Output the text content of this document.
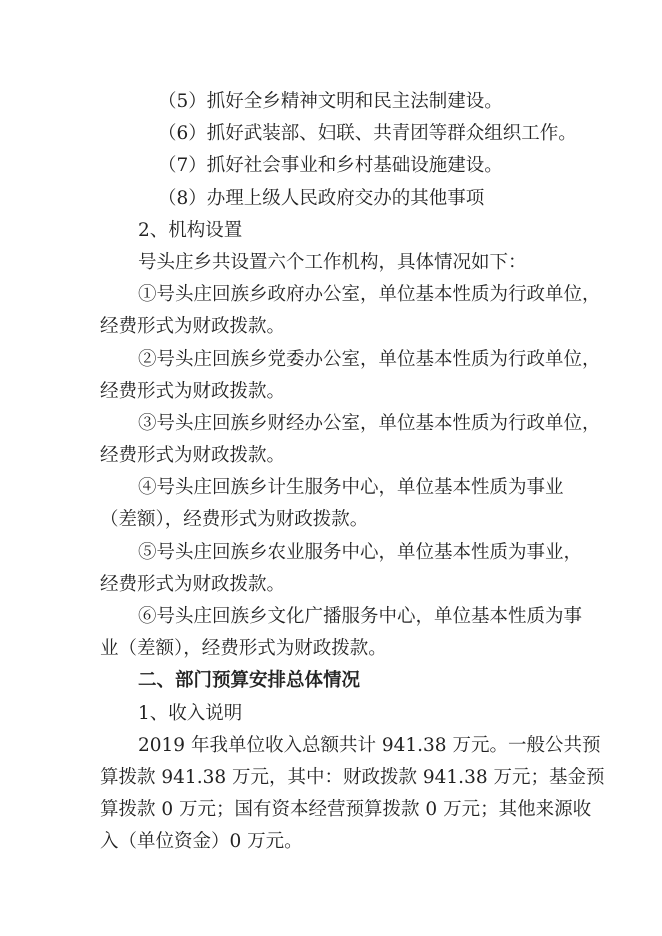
（5）抓好全乡精神文明和民主法制建设。
（6）抓好武装部、妇联、共青团等群众组织工作。
（7）抓好社会事业和乡村基础设施建设。
（8）办理上级人民政府交办的其他事项
2、机构设置
号头庄乡共设置六个工作机构，具体情况如下：
①号头庄回族乡政府办公室，单位基本性质为行政单位，
经费形式为财政拨款。
②号头庄回族乡党委办公室，单位基本性质为行政单位，
经费形式为财政拨款。
③号头庄回族乡财经办公室，单位基本性质为行政单位，
经费形式为财政拨款。
④号头庄回族乡计生服务中心，单位基本性质为事业
（差额），经费形式为财政拨款。
⑤号头庄回族乡农业服务中心，单位基本性质为事业，
经费形式为财政拨款。
⑥号头庄回族乡文化广播服务中心，单位基本性质为事
业（差额），经费形式为财政拨款。
二、部门预算安排总体情况
1、收入说明
2019 年我单位收入总额共计 941.38 万元。一般公共预
算拨款 941.38 万元，其中：财政拨款 941.38 万元；基金预
算拨款 0 万元；国有资本经营预算拨款 0 万元；其他来源收
入（单位资金）0 万元。
